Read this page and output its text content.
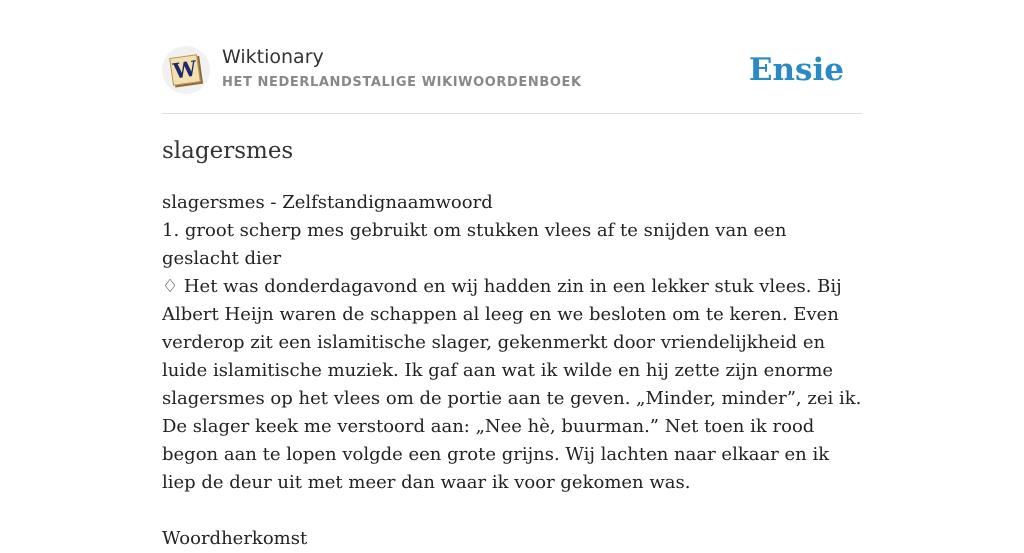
W Wiktionary
HET NEDERLANDSTALIGE WIKIWOORDENBOEK	Ensie
slagersmes

slagersmes - Zelfstandignaamwoord

1. groot scherp mes gebruikt om stukken vlees af te snijden van een geslacht dier

♢ Het was donderdagavond en wij hadden zin in een lekker stuk vlees. Bij Albert Heijn waren de schappen al leeg en we besloten om te keren. Even verderop zit een islamitische slager, gekenmerkt door vriendelijkheid en luide islamitische muziek. Ik gaf aan wat ik wilde en hij zette zijn enorme slagersmes op het vlees om de portie aan te geven. „Minder, minder”, zei ik. De slager keek me verstoord aan: „Nee hè, buurman.” Net toen ik rood begon aan te lopen volgde een grote grijns. Wij lachten naar elkaar en ik liep de deur uit met meer dan waar ik voor gekomen was.

Woordherkomst
